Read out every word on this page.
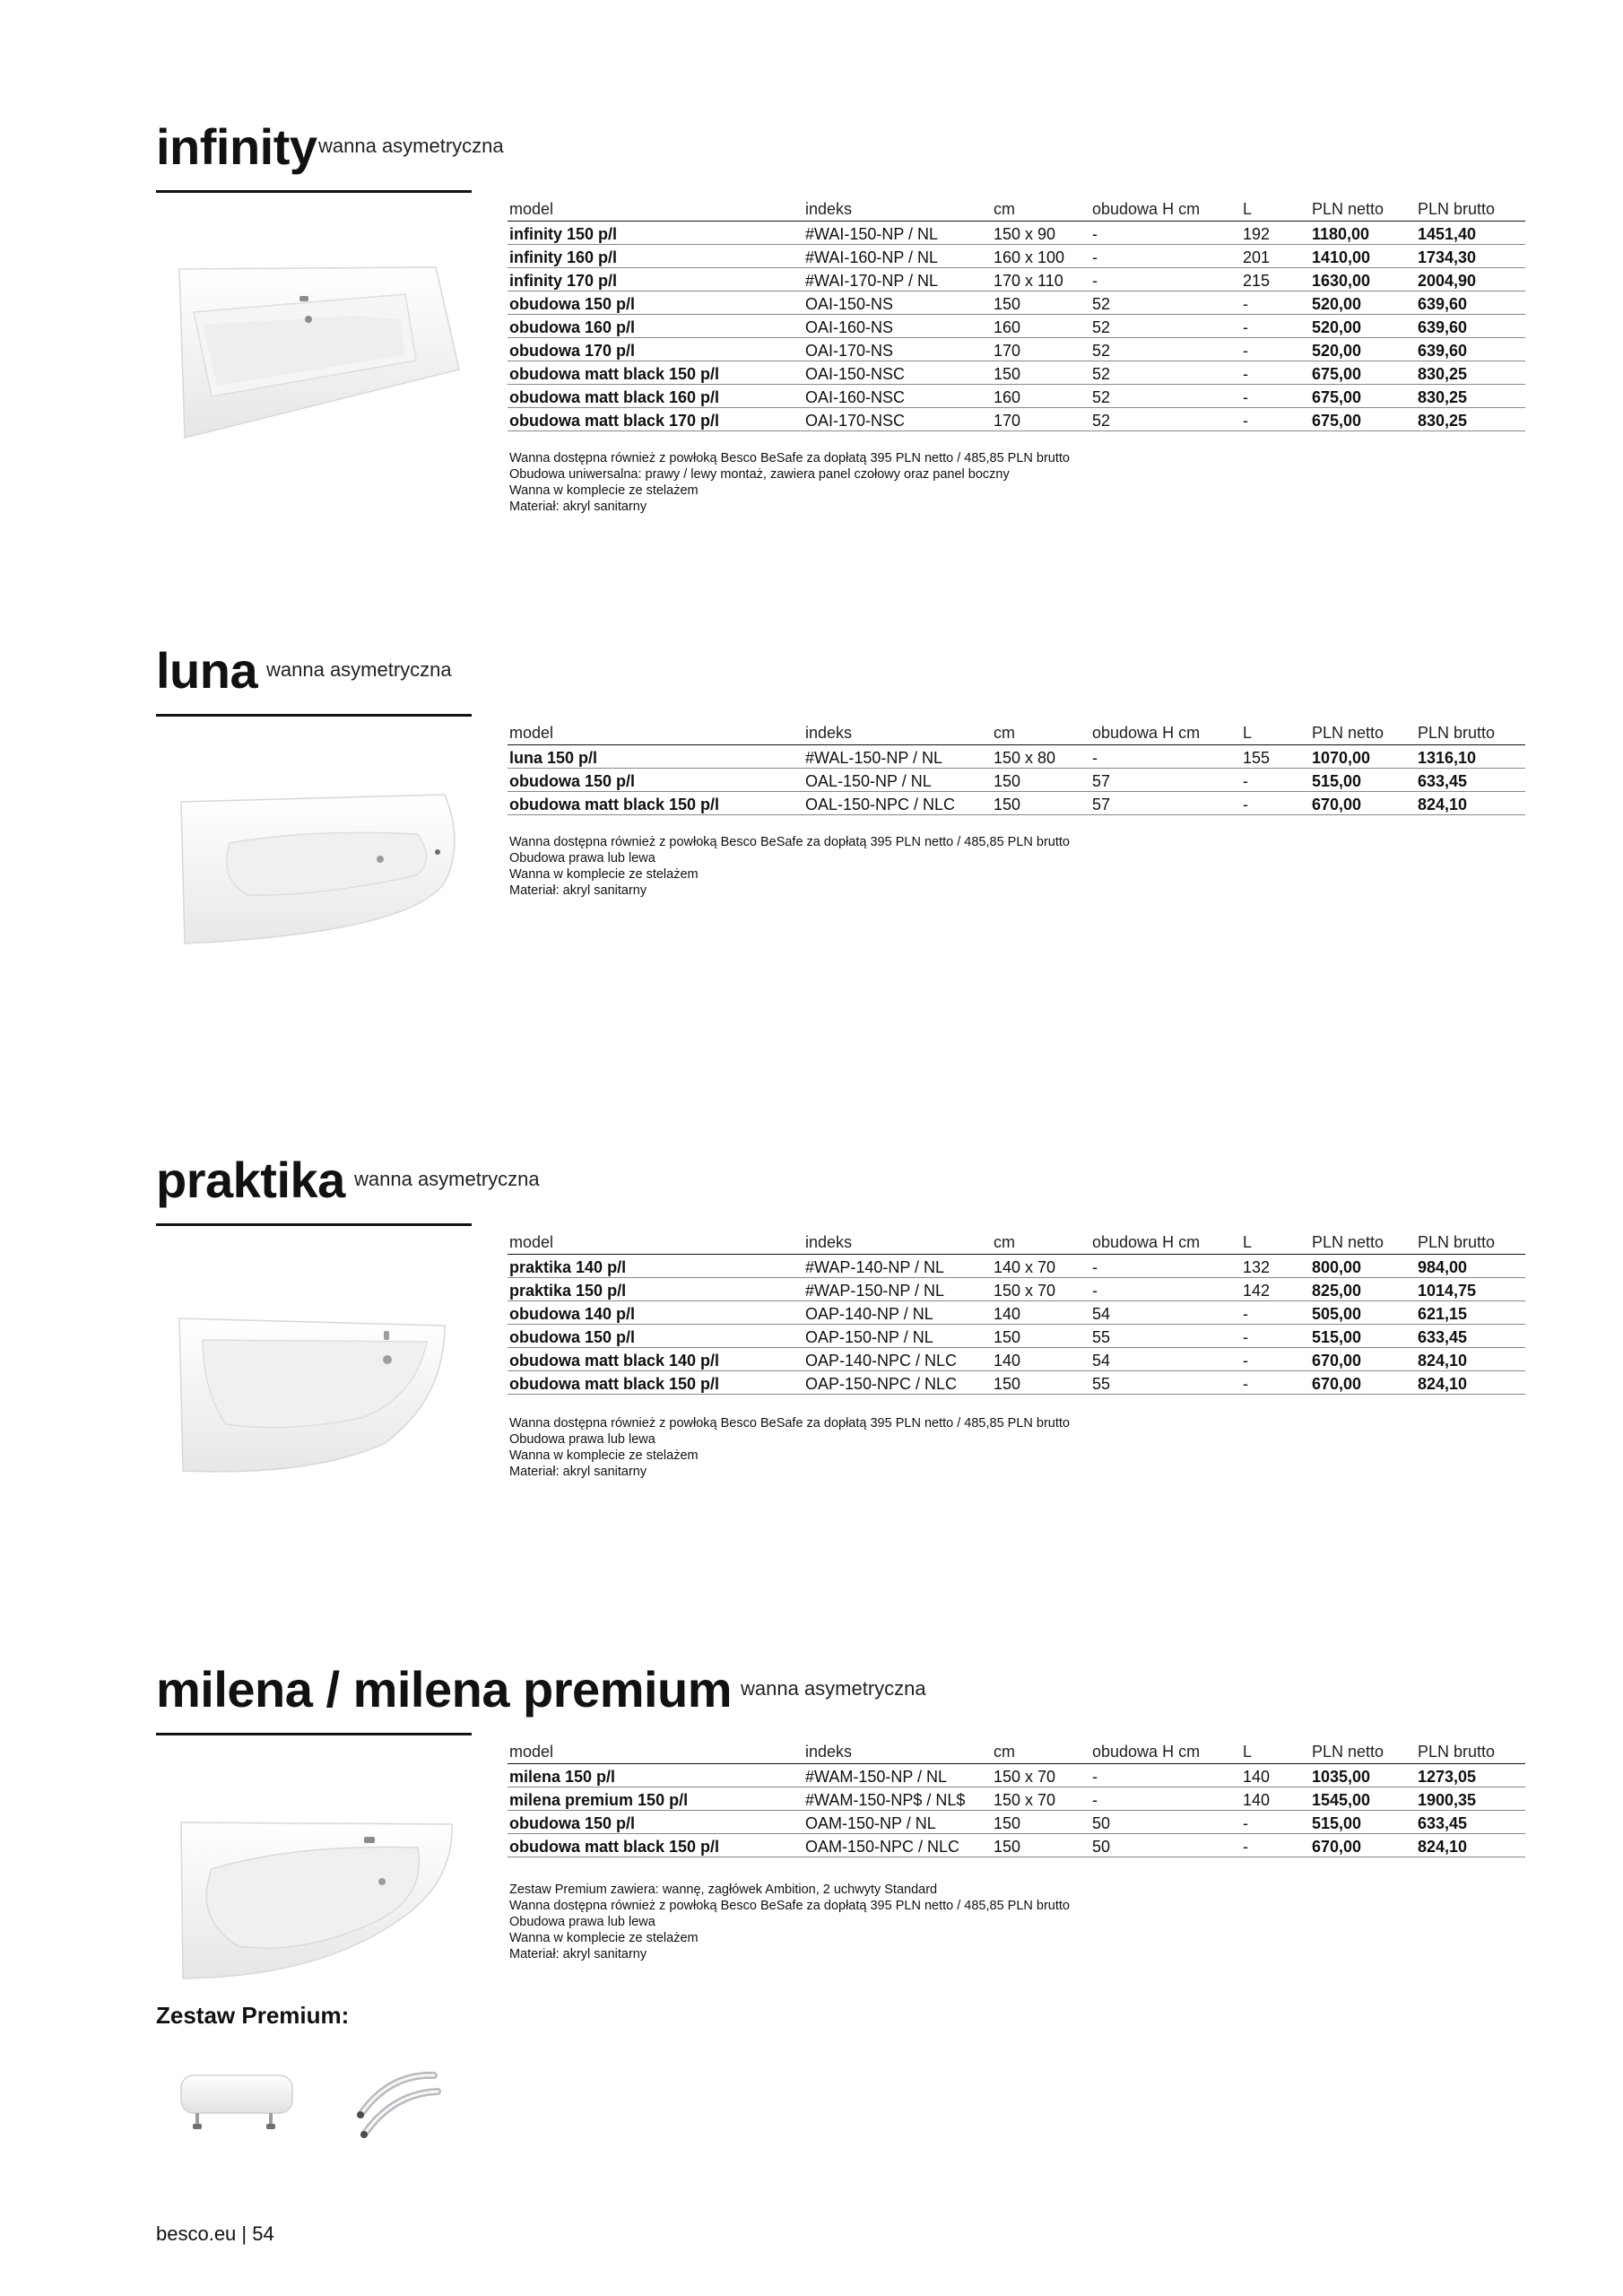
infinity wanna asymetryczna
model	indeks	cm	obudowa H cm	L	PLN netto	PLN brutto
infinity 150 p/l	#WAI-150-NP / NL	150 x 90	-	192	1180,00	1451,40
infinity 160 p/l	#WAI-160-NP / NL	160 x 100	-	201	1410,00	1734,30
infinity 170 p/l	#WAI-170-NP / NL	170 x 110	-	215	1630,00	2004,90
obudowa 150 p/l	OAI-150-NS	150	52	-	520,00	639,60
obudowa 160 p/l	OAI-160-NS	160	52	-	520,00	639,60
obudowa 170 p/l	OAI-170-NS	170	52	-	520,00	639,60
obudowa matt black 150 p/l	OAI-150-NSC	150	52	-	675,00	830,25
obudowa matt black 160 p/l	OAI-160-NSC	160	52	-	675,00	830,25
obudowa matt black 170 p/l	OAI-170-NSC	170	52	-	675,00	830,25
Wanna dostępna również z powłoką Besco BeSafe za dopłatą 395 PLN netto / 485,85 PLN brutto
Obudowa uniwersalna: prawy / lewy montaż, zawiera panel czołowy oraz panel boczny
Wanna w komplecie ze stelażem
Materiał: akryl sanitarny
luna wanna asymetryczna
model	indeks	cm	obudowa H cm	L	PLN netto	PLN brutto
luna 150 p/l	#WAL-150-NP / NL	150 x 80	-	155	1070,00	1316,10
obudowa 150 p/l	OAL-150-NP / NL	150	57	-	515,00	633,45
obudowa matt black 150 p/l	OAL-150-NPC / NLC	150	57	-	670,00	824,10
Wanna dostępna również z powłoką Besco BeSafe za dopłatą 395 PLN netto / 485,85 PLN brutto
Obudowa prawa lub lewa
Wanna w komplecie ze stelażem
Materiał: akryl sanitarny
praktika wanna asymetryczna
model	indeks	cm	obudowa H cm	L	PLN netto	PLN brutto
praktika 140 p/l	#WAP-140-NP / NL	140 x 70	-	132	800,00	984,00
praktika 150 p/l	#WAP-150-NP / NL	150 x 70	-	142	825,00	1014,75
obudowa 140 p/l	OAP-140-NP / NL	140	54	-	505,00	621,15
obudowa 150 p/l	OAP-150-NP / NL	150	55	-	515,00	633,45
obudowa matt black 140 p/l	OAP-140-NPC / NLC	140	54	-	670,00	824,10
obudowa matt black 150 p/l	OAP-150-NPC / NLC	150	55	-	670,00	824,10
Wanna dostępna również z powłoką Besco BeSafe za dopłatą 395 PLN netto / 485,85 PLN brutto
Obudowa prawa lub lewa
Wanna w komplecie ze stelażem
Materiał: akryl sanitarny
milena / milena premium wanna asymetryczna
model	indeks	cm	obudowa H cm	L	PLN netto	PLN brutto
milena 150 p/l	#WAM-150-NP / NL	150 x 70	-	140	1035,00	1273,05
milena premium 150 p/l	#WAM-150-NP$ / NL$	150 x 70	-	140	1545,00	1900,35
obudowa 150 p/l	OAM-150-NP / NL	150	50	-	515,00	633,45
obudowa matt black 150 p/l	OAM-150-NPC / NLC	150	50	-	670,00	824,10
Zestaw Premium zawiera: wannę, zagłówek Ambition, 2 uchwyty Standard
Wanna dostępna również z powłoką Besco BeSafe za dopłatą 395 PLN netto / 485,85 PLN brutto
Obudowa prawa lub lewa
Wanna w komplecie ze stelażem
Materiał: akryl sanitarny
Zestaw Premium:
besco.eu | 54
